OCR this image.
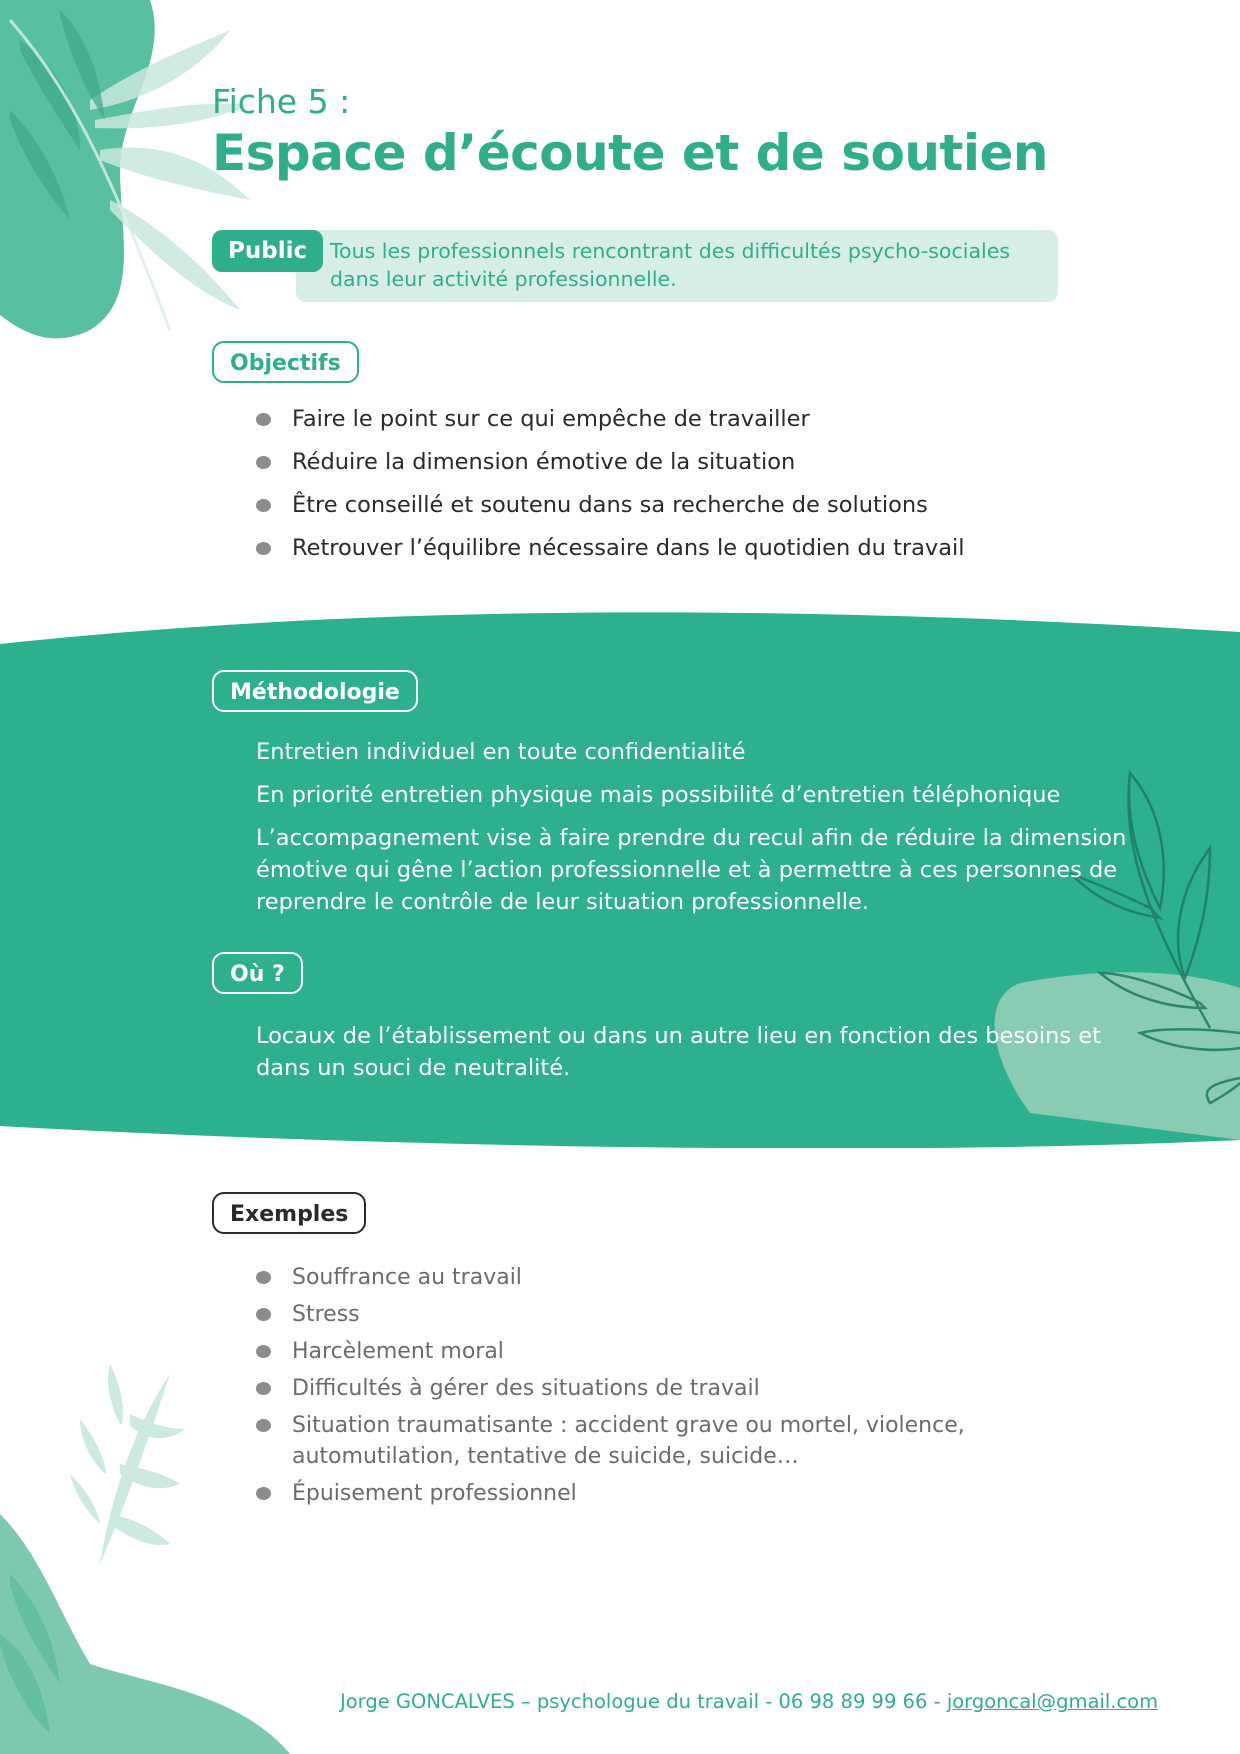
Fiche 5 :
Espace d’écoute et de soutien
Public	Tous les professionnels rencontrant des difficultés psycho-sociales dans leur activité professionnelle.
Objectifs
Faire le point sur ce qui empêche de travailler
Réduire la dimension émotive de la situation
Être conseillé et soutenu dans sa recherche de solutions
Retrouver l’équilibre nécessaire dans le quotidien du travail
Méthodologie

Entretien individuel en toute confidentialité

En priorité entretien physique mais possibilité d’entretien téléphonique

L’accompagnement vise à faire prendre du recul afin de réduire la dimension émotive qui gêne l’action professionnelle et à permettre à ces personnes de reprendre le contrôle de leur situation professionnelle.

Où ?
Locaux de l’établissement ou dans un autre lieu en fonction des besoins et dans un souci de neutralité.
Exemples
Souffrance au travail
Stress
Harcèlement moral
Difficultés à gérer des situations de travail
Situation traumatisante : accident grave ou mortel, violence, automutilation, tentative de suicide, suicide…
Épuisement professionnel
Jorge GONCALVES – psychologue du travail - 06 98 89 99 66 - jorgoncal@gmail.com
